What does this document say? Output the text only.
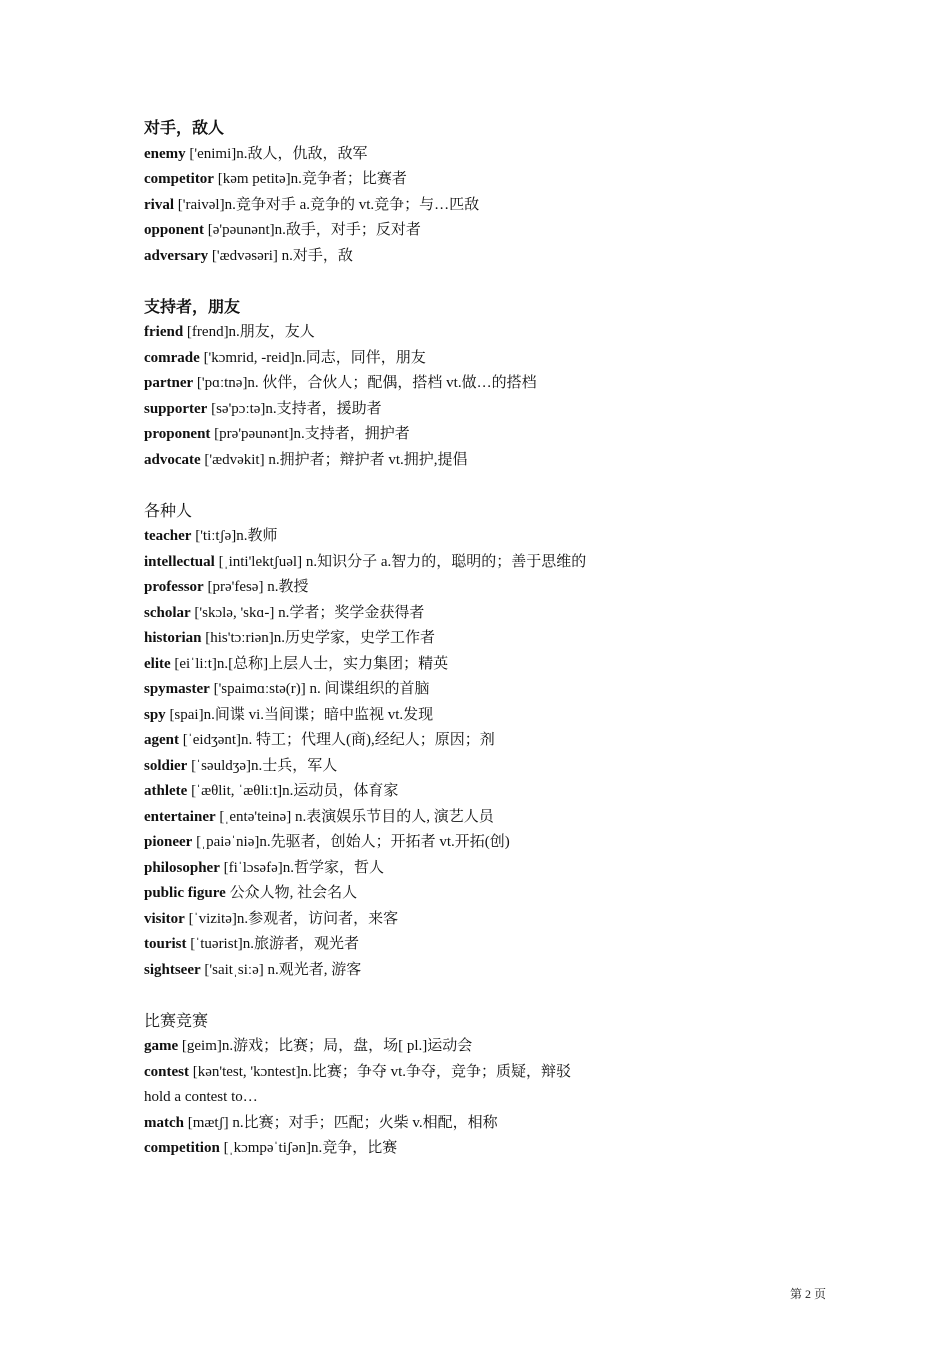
对手，敌人
enemy ['enimi]n.敌人，仇敌，敌军
competitor [kəm petitə]n.竞争者；比赛者
rival ['raivəl]n.竞争对手 a.竞争的 vt.竞争；与…匹敌
opponent [ə'pəunənt]n.敌手，对手；反对者
adversary ['ædvəsəri] n.对手，敌
支持者，朋友
friend [frend]n.朋友，友人
comrade ['kɔmrid, -reid]n.同志，同伴，朋友
partner ['pɑːtnə]n. 伙伴，合伙人；配偶，搭档 vt.做…的搭档
supporter [sə'pɔːtə]n.支持者，援助者
proponent [prə'pəunənt]n.支持者，拥护者
advocate ['ædvəkit] n.拥护者；辩护者 vt.拥护,提倡
各种人
teacher ['tiːtʃə]n.教师
intellectual [ˌinti'lektʃuəl] n.知识分子 a.智力的，聪明的；善于思维的
professor [prə'fesə] n.教授
scholar ['skɔlə, 'skɑ-] n.学者；奖学金获得者
historian [his'tɔːriən]n.历史学家，史学工作者
elite [eiˈliːt]n.[总称]上层人士，实力集团；精英
spymaster ['spaimɑːstə(r)] n. 间谍组织的首脑
spy [spai]n.间谍 vi.当间谍；暗中监视 vt.发现
agent [ˈeidʒənt]n. 特工；代理人(商),经纪人；原因；剂
soldier [ˈsəuldʒə]n.士兵，军人
athlete [ˈæθlit, ˈæθliːt]n.运动员，体育家
entertainer [ˌentə'teinə] n.表演娱乐节目的人, 演艺人员
pioneer [ˌpaiəˈniə]n.先驱者，创始人；开拓者 vt.开拓(创)
philosopher [fiˈlɔsəfə]n.哲学家，哲人
public figure 公众人物, 社会名人
visitor [ˈvizitə]n.参观者，访问者，来客
tourist [ˈtuərist]n.旅游者，观光者
sightseer ['saitˌsiːə] n.观光者, 游客
比赛竞赛
game [geim]n.游戏；比赛；局，盘，场[ pl.]运动会
contest [kən'test, 'kɔntest]n.比赛；争夺 vt.争夺，竞争；质疑，辩驳
hold a contest to…
match [mætʃ] n.比赛；对手；匹配；火柴 v.相配，相称
competition [ˌkɔmpəˈtiʃən]n.竞争，比赛
第 2 页
